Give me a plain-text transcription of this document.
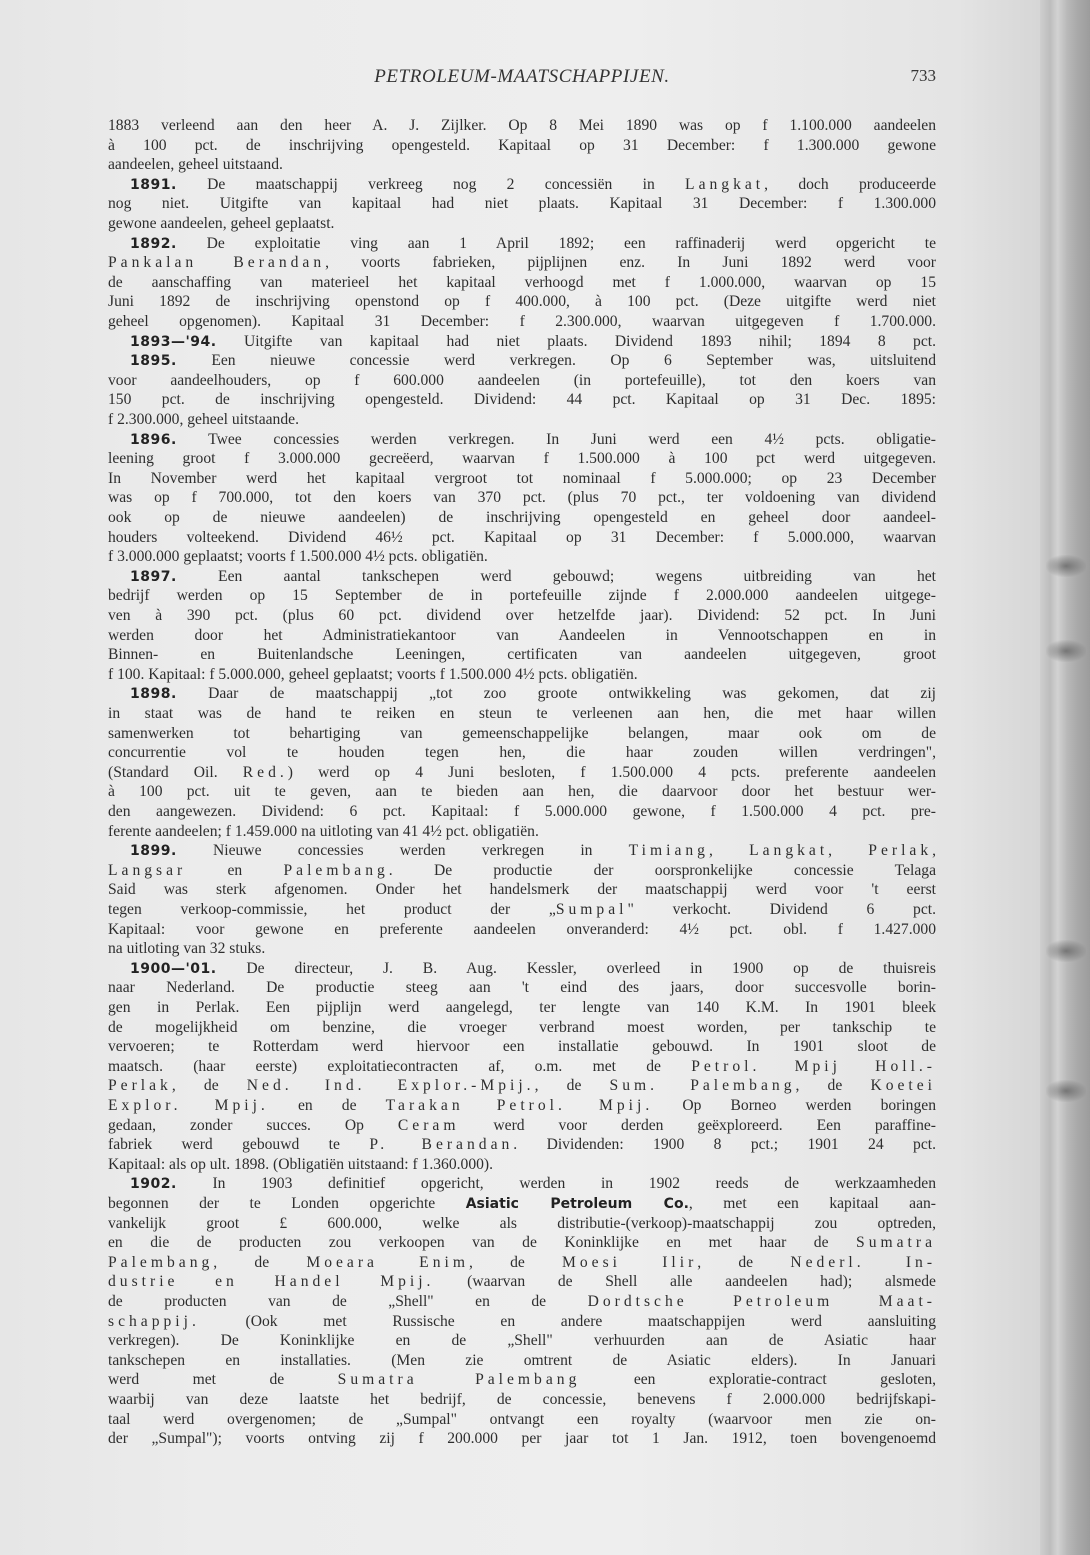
PETROLEUM-MAATSCHAPPIJEN.	733
1883 verleend aan den heer A. J. Zijlker. Op 8 Mei 1890 was op f 1.100.000 aandeelen
à 100 pct. de inschrijving opengesteld. Kapitaal op 31 December: f 1.300.000 gewone
aandeelen, geheel uitstaand.
1891. De maatschappij verkreeg nog 2 concessiën in Langkat, doch produceerde
nog niet. Uitgifte van kapitaal had niet plaats. Kapitaal 31 December: f 1.300.000
gewone aandeelen, geheel geplaatst.
1892. De exploitatie ving aan 1 April 1892; een raffinaderij werd opgericht te
Pankalan Berandan, voorts fabrieken, pijplijnen enz. In Juni 1892 werd voor
de aanschaffing van materieel het kapitaal verhoogd met f 1.000.000, waarvan op 15
Juni 1892 de inschrijving openstond op f 400.000, à 100 pct. (Deze uitgifte werd niet
geheel opgenomen). Kapitaal 31 December: f 2.300.000, waarvan uitgegeven f 1.700.000.
1893—'94. Uitgifte van kapitaal had niet plaats. Dividend 1893 nihil; 1894 8 pct.
1895. Een nieuwe concessie werd verkregen. Op 6 September was, uitsluitend
voor aandeelhouders, op f 600.000 aandeelen (in portefeuille), tot den koers van
150 pct. de inschrijving opengesteld. Dividend: 44 pct. Kapitaal op 31 Dec. 1895:
f 2.300.000, geheel uitstaande.
1896. Twee concessies werden verkregen. In Juni werd een 4½ pcts. obligatie-
leening groot f 3.000.000 gecreëerd, waarvan f 1.500.000 à 100 pct werd uitgegeven.
In November werd het kapitaal vergroot tot nominaal f 5.000.000; op 23 December
was op f 700.000, tot den koers van 370 pct. (plus 70 pct., ter voldoening van dividend
ook op de nieuwe aandeelen) de inschrijving opengesteld en geheel door aandeel-
houders volteekend. Dividend 46½ pct. Kapitaal op 31 December: f 5.000.000, waarvan
f 3.000.000 geplaatst; voorts f 1.500.000 4½ pcts. obligatiën.
1897. Een aantal tankschepen werd gebouwd; wegens uitbreiding van het
bedrijf werden op 15 September de in portefeuille zijnde f 2.000.000 aandeelen uitgege-
ven à 390 pct. (plus 60 pct. dividend over hetzelfde jaar). Dividend: 52 pct. In Juni
werden door het Administratiekantoor van Aandeelen in Vennootschappen en in
Binnen- en Buitenlandsche Leeningen, certificaten van aandeelen uitgegeven, groot
f 100. Kapitaal: f 5.000.000, geheel geplaatst; voorts f 1.500.000 4½ pcts. obligatiën.
1898. Daar de maatschappij „tot zoo groote ontwikkeling was gekomen, dat zij
in staat was de hand te reiken en steun te verleenen aan hen, die met haar willen
samenwerken tot behartiging van gemeenschappelijke belangen, maar ook om de
concurrentie vol te houden tegen hen, die haar zouden willen verdringen",
(Standard Oil. Red.) werd op 4 Juni besloten, f 1.500.000 4 pcts. preferente aandeelen
à 100 pct. uit te geven, aan te bieden aan hen, die daarvoor door het bestuur wer-
den aangewezen. Dividend: 6 pct. Kapitaal: f 5.000.000 gewone, f 1.500.000 4 pct. pre-
ferente aandeelen; f 1.459.000 na uitloting van 41 4½ pct. obligatiën.
1899. Nieuwe concessies werden verkregen in Timiang, Langkat, Perlak,
Langsar en Palembang. De productie der oorspronkelijke concessie Telaga
Said was sterk afgenomen. Onder het handelsmerk der maatschappij werd voor 't eerst
tegen verkoop-commissie, het product der „Sumpal" verkocht. Dividend 6 pct.
Kapitaal: voor gewone en preferente aandeelen onveranderd: 4½ pct. obl. f 1.427.000
na uitloting van 32 stuks.
1900—'01. De directeur, J. B. Aug. Kessler, overleed in 1900 op de thuisreis
naar Nederland. De productie steeg aan 't eind des jaars, door succesvolle borin-
gen in Perlak. Een pijplijn werd aangelegd, ter lengte van 140 K.M. In 1901 bleek
de mogelijkheid om benzine, die vroeger verbrand moest worden, per tankschip te
vervoeren; te Rotterdam werd hiervoor een installatie gebouwd. In 1901 sloot de
maatsch. (haar eerste) exploitatiecontracten af, o.m. met de Petrol. Mpij Holl.-
Perlak, de Ned. Ind. Explor.-Mpij., de Sum. Palembang, de Koetei
Explor. Mpij. en de Tarakan Petrol. Mpij. Op Borneo werden boringen
gedaan, zonder succes. Op Ceram werd voor derden geëxploreerd. Een paraffine-
fabriek werd gebouwd te P. Berandan. Dividenden: 1900 8 pct.; 1901 24 pct.
Kapitaal: als op ult. 1898. (Obligatiën uitstaand: f 1.360.000).
1902. In 1903 definitief opgericht, werden in 1902 reeds de werkzaamheden
begonnen der te Londen opgerichte Asiatic Petroleum Co., met een kapitaal aan-
vankelijk groot £ 600.000, welke als distributie-(verkoop)-maatschappij zou optreden,
en die de producten zou verkoopen van de Koninklijke en met haar de Sumatra
Palembang, de Moeara Enim, de Moesi Ilir, de Nederl. In-
dustrie en Handel Mpij. (waarvan de Shell alle aandeelen had); alsmede
de producten van de „Shell" en de Dordtsche Petroleum Maat-
schappij. (Ook met Russische en andere maatschappijen werd aansluiting
verkregen). De Koninklijke en de „Shell" verhuurden aan de Asiatic haar
tankschepen en installaties. (Men zie omtrent de Asiatic elders). In Januari
werd met de Sumatra Palembang een exploratie-contract gesloten,
waarbij van deze laatste het bedrijf, de concessie, benevens f 2.000.000 bedrijfskapi-
taal werd overgenomen; de „Sumpal" ontvangt een royalty (waarvoor men zie on-
der „Sumpal"); voorts ontving zij f 200.000 per jaar tot 1 Jan. 1912, toen bovengenoemd
